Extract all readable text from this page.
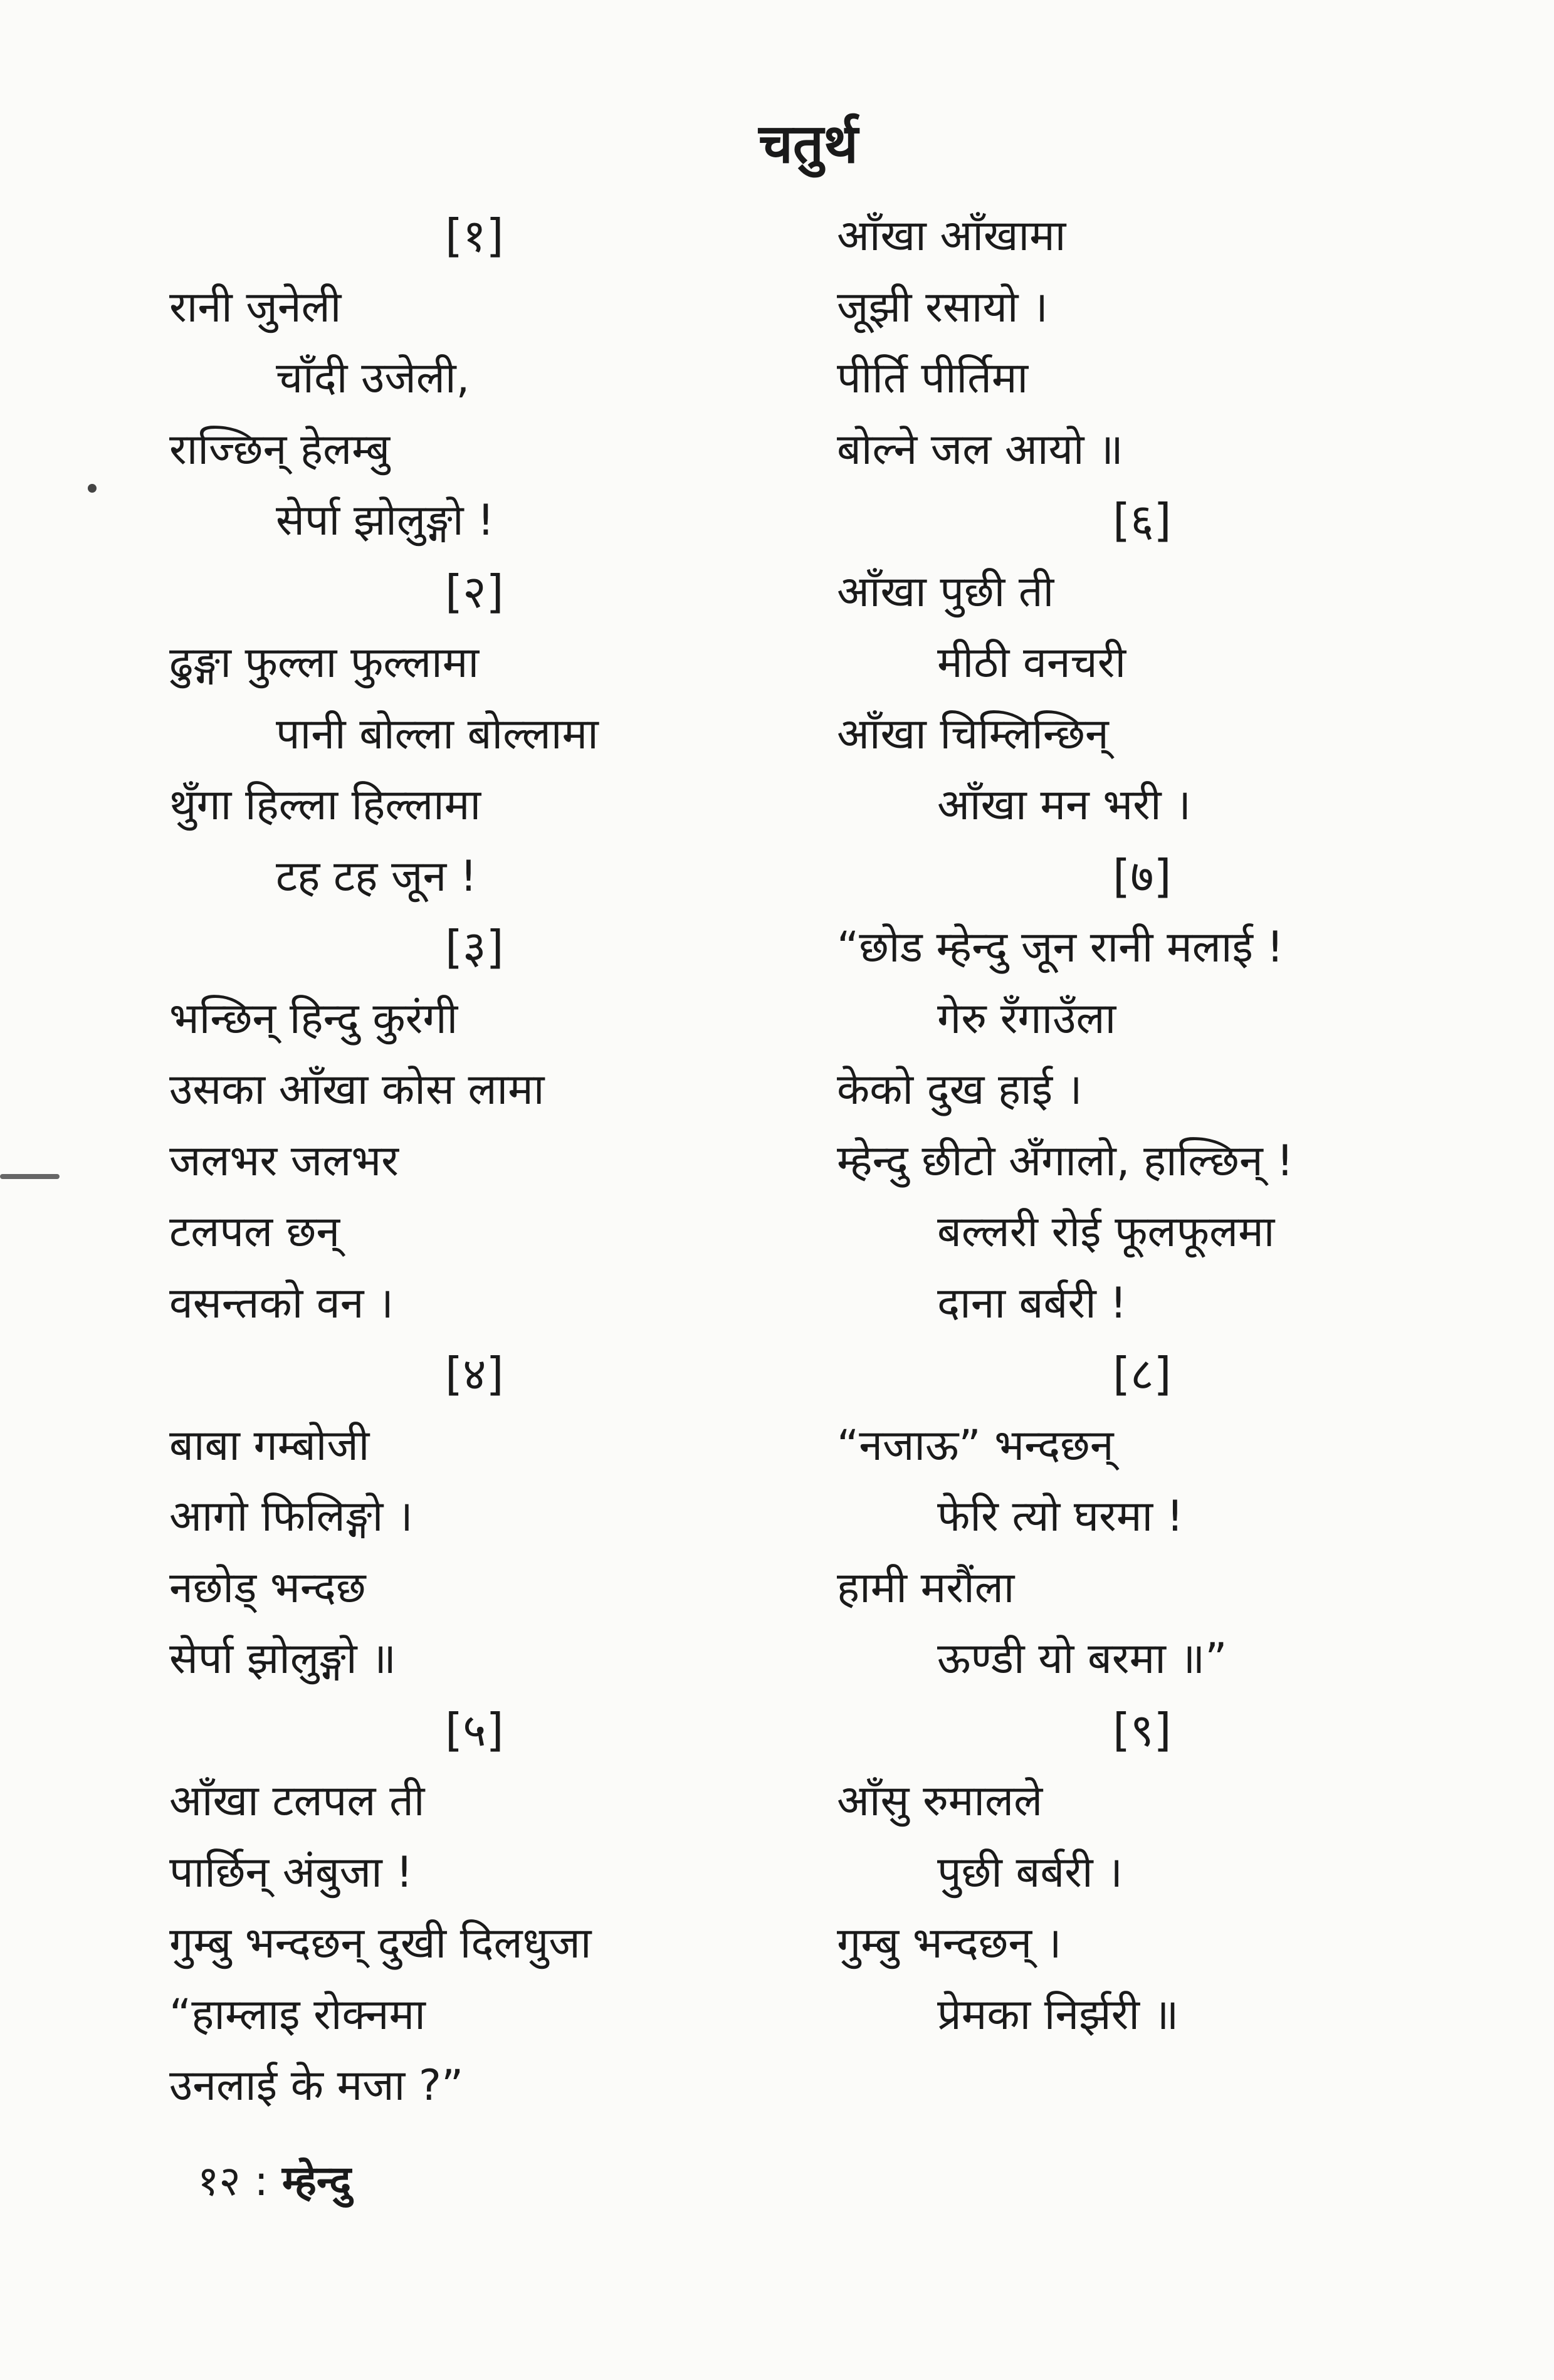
चतुर्थ
[१]
रानी जुनेली
चाँदी उजेली,
राज्छिन् हेलम्बु
सेर्पा झोलुङ्गो !
[२]
ढुङ्गा फुल्ला फुल्लामा
पानी बोल्ला बोल्लामा
थुँगा हिल्ला हिल्लामा
टह टह जून !
[३]
भन्छिन् हिन्दु कुरंगी
उसका आँखा कोस लामा
जलभर जलभर
टलपल छन्
वसन्तको वन ।
[४]
बाबा गम्बोजी
आगो फिलिङ्गो ।
नछोड् भन्दछ
सेर्पा झोलुङ्गो ॥
[५]
आँखा टलपल ती
पार्छिन् अंबुजा !
गुम्बु भन्दछन् दुखी दिलधुजा
“हाम्लाइ रोक्नमा
उनलाई के मजा ?”
आँखा आँखामा
जूझी रसायो ।
पीर्ति पीर्तिमा
बोल्ने जल आयो ॥
[६]
आँखा पुछी ती
मीठी वनचरी
आँखा चिम्लिन्छिन्
आँखा मन भरी ।
[७]
“छोड म्हेन्दु जून रानी मलाई !
गेरु रँगाउँला
केको दुख हाई ।
म्हेन्दु छीटो अँगालो, हाल्छिन् !
बल्लरी रोई फूलफूलमा
दाना बर्बरी !
[८]
“नजाऊ” भन्दछन्
फेरि त्यो घरमा !
हामी मरौंला
ऊण्डी यो बरमा ॥”
[९]
आँसु रुमालले
पुछी बर्बरी ।
गुम्बु भन्दछन् ।
प्रेमका निर्झरी ॥
१२ : म्हेन्दु
